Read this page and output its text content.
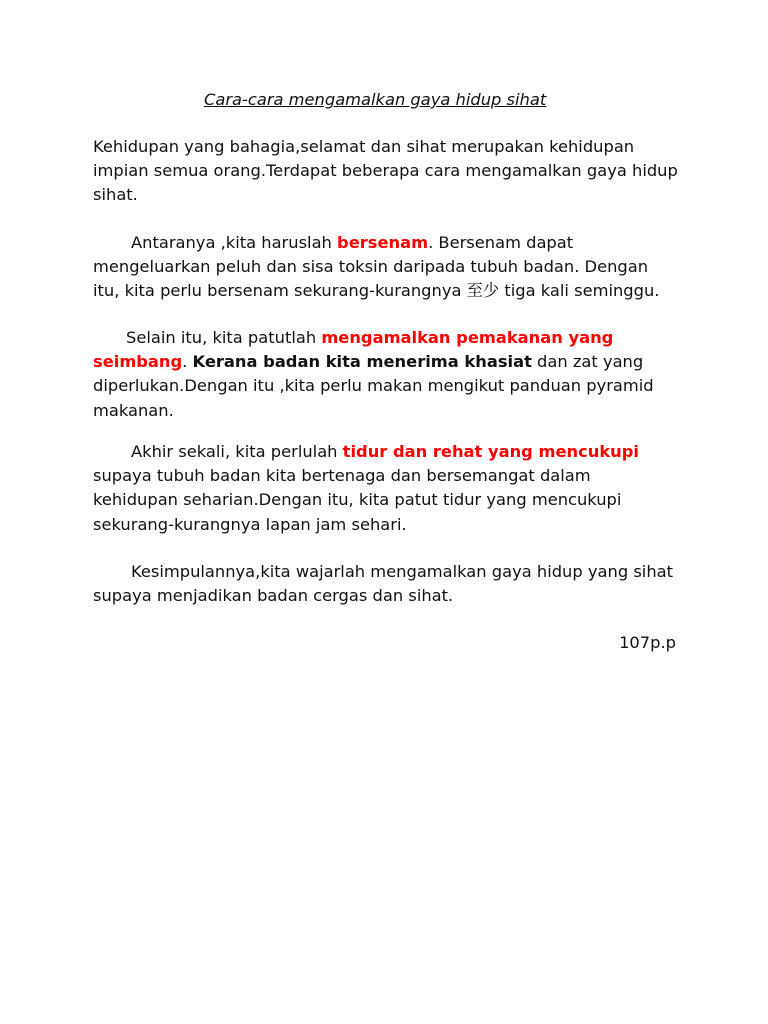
Cara-cara mengamalkan gaya hidup sihat
Kehidupan yang bahagia,selamat dan sihat merupakan kehidupan
impian semua orang.Terdapat beberapa cara mengamalkan gaya hidup
sihat.
Antaranya ,kita haruslah bersenam. Bersenam dapat
mengeluarkan peluh dan sisa toksin daripada tubuh badan. Dengan
itu, kita perlu bersenam sekurang-kurangnya 至少 tiga kali seminggu.
Selain itu, kita patutlah mengamalkan pemakanan yang
seimbang. Kerana badan kita menerima khasiat dan zat yang
diperlukan.Dengan itu ,kita perlu makan mengikut panduan pyramid
makanan.
Akhir sekali, kita perlulah tidur dan rehat yang mencukupi
supaya tubuh badan kita bertenaga dan bersemangat dalam
kehidupan seharian.Dengan itu, kita patut tidur yang mencukupi
sekurang-kurangnya lapan jam sehari.
Kesimpulannya,kita wajarlah mengamalkan gaya hidup yang sihat
supaya menjadikan badan cergas dan sihat.
107p.p
